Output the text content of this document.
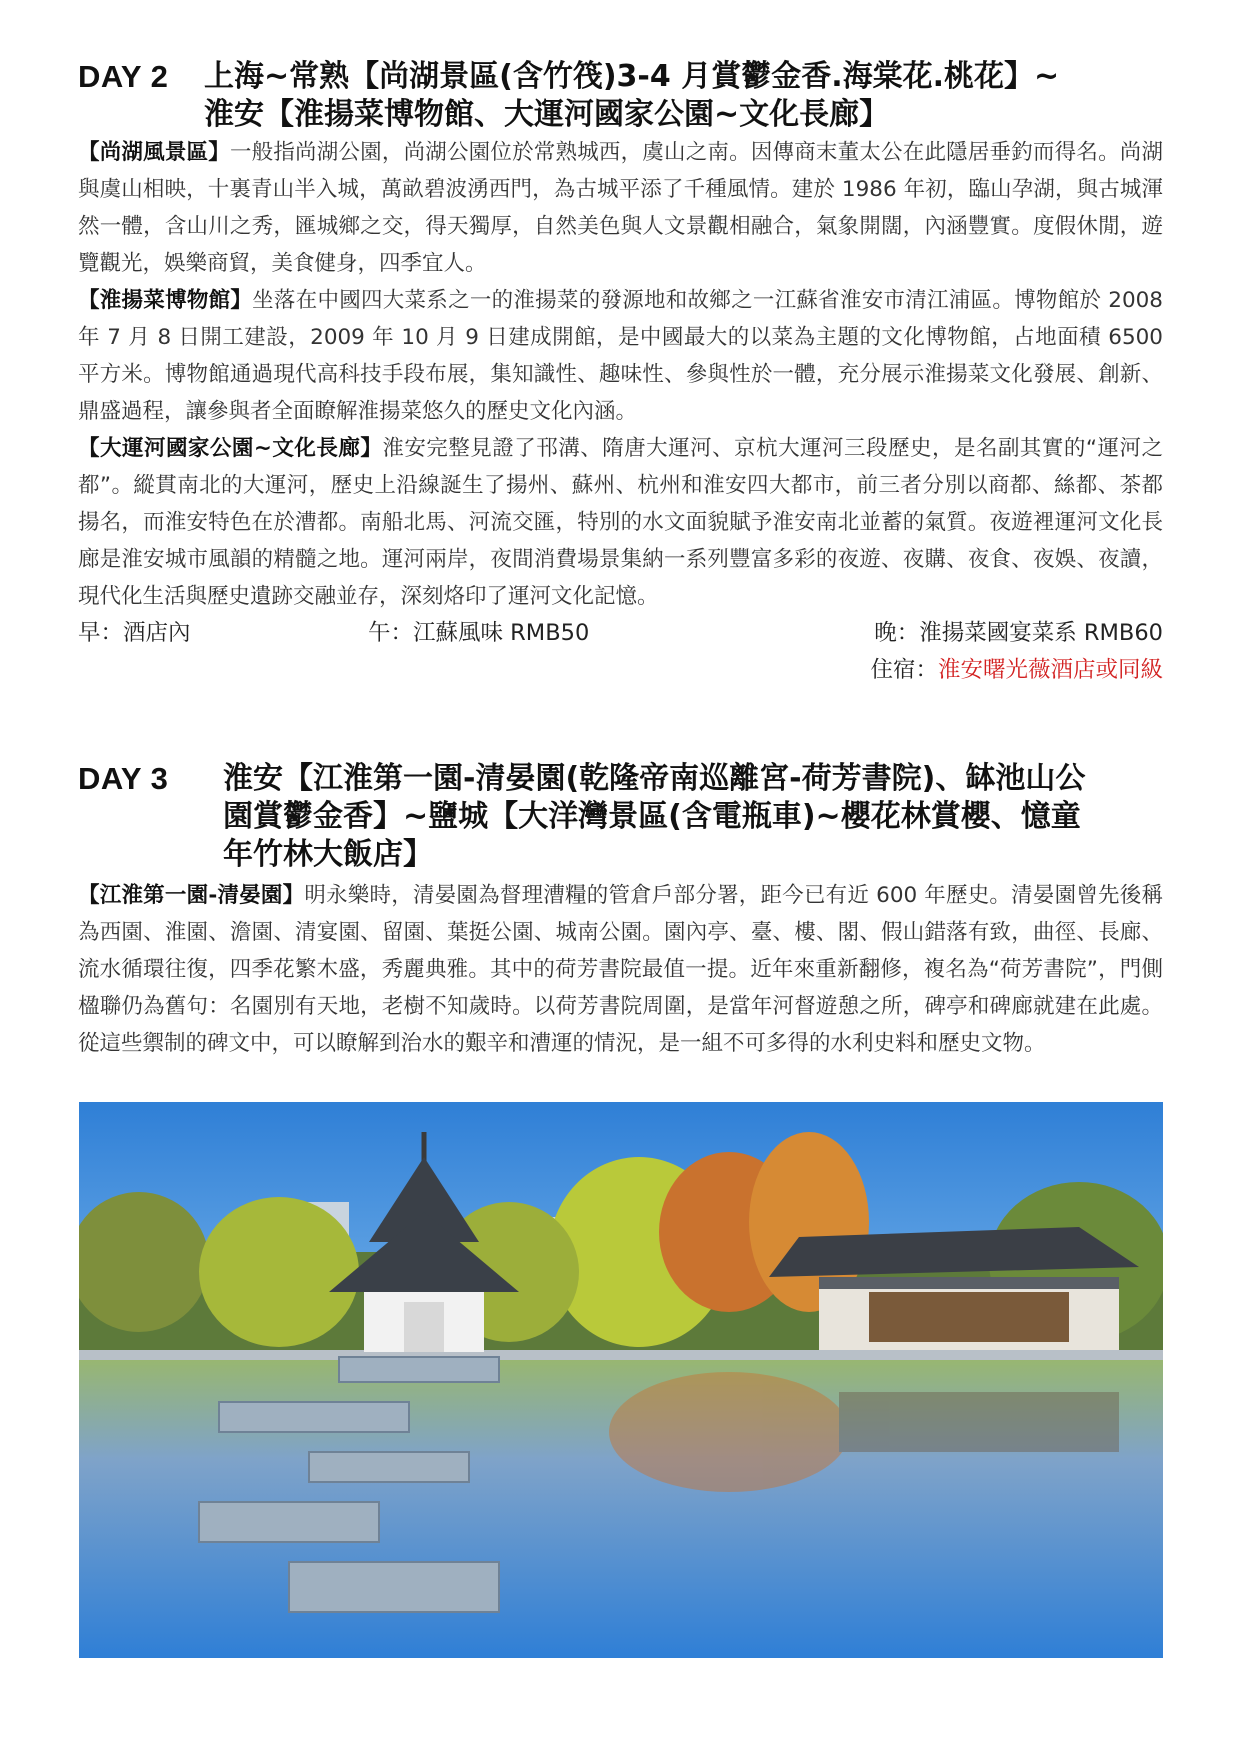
DAY 2	上海~常熟【尚湖景區(含竹筏)3-4 月賞鬱金香.海棠花.桃花】~
淮安【淮揚菜博物館、大運河國家公園~文化長廊】

【尚湖風景區】一般指尚湖公園，尚湖公園位於常熟城西，虞山之南。因傳商末董太公在此隱居垂釣而得名。尚湖與虞山相映，十裏青山半入城，萬畝碧波湧西門，為古城平添了千種風情。建於 1986 年初，臨山孕湖，與古城渾然一體，含山川之秀，匯城鄉之交，得天獨厚，自然美色與人文景觀相融合，氣象開闊，內涵豐實。度假休閒，遊覽觀光，娛樂商貿，美食健身，四季宜人。

【淮揚菜博物館】坐落在中國四大菜系之一的淮揚菜的發源地和故鄉之一江蘇省淮安市清江浦區。博物館於 2008 年 7 月 8 日開工建設，2009 年 10 月 9 日建成開館，是中國最大的以菜為主題的文化博物館，占地面積 6500 平方米。博物館通過現代高科技手段布展，集知識性、趣味性、參與性於一體，充分展示淮揚菜文化發展、創新、鼎盛過程，讓參與者全面瞭解淮揚菜悠久的歷史文化內涵。

【大運河國家公園~文化長廊】淮安完整見證了邗溝、隋唐大運河、京杭大運河三段歷史，是名副其實的“運河之都”。縱貫南北的大運河，歷史上沿線誕生了揚州、蘇州、杭州和淮安四大都市，前三者分別以商都、絲都、茶都揚名，而淮安特色在於漕都。南船北馬、河流交匯，特別的水文面貌賦予淮安南北並蓄的氣質。夜遊裡運河文化長廊是淮安城市風韻的精髓之地。運河兩岸，夜間消費場景集納一系列豐富多彩的夜遊、夜購、夜食、夜娛、夜讀，現代化生活與歷史遺跡交融並存，深刻烙印了運河文化記憶。

早：酒店內	午：江蘇風味 RMB50	晚：淮揚菜國宴菜系 RMB60
住宿：淮安曙光薇酒店或同級
DAY 3	淮安【江淮第一園-清晏園(乾隆帝南巡離宮-荷芳書院)、缽池山公
園賞鬱金香】~鹽城【大洋灣景區(含電瓶車)~櫻花林賞櫻、憶童
年竹林大飯店】

【江淮第一園-清晏園】明永樂時，清晏園為督理漕糧的管倉戶部分署，距今已有近 600 年歷史。清晏園曾先後稱為西園、淮園、澹園、清宴園、留園、葉挺公園、城南公園。園內亭、臺、樓、閣、假山錯落有致，曲徑、長廊、流水循環往復，四季花繁木盛，秀麗典雅。其中的荷芳書院最值一提。近年來重新翻修，複名為“荷芳書院”，門側楹聯仍為舊句：名園別有天地，老樹不知歲時。以荷芳書院周圍，是當年河督遊憩之所，碑亭和碑廊就建在此處。從這些禦制的碑文中，可以瞭解到治水的艱辛和漕運的情況，是一組不可多得的水利史料和歷史文物。
